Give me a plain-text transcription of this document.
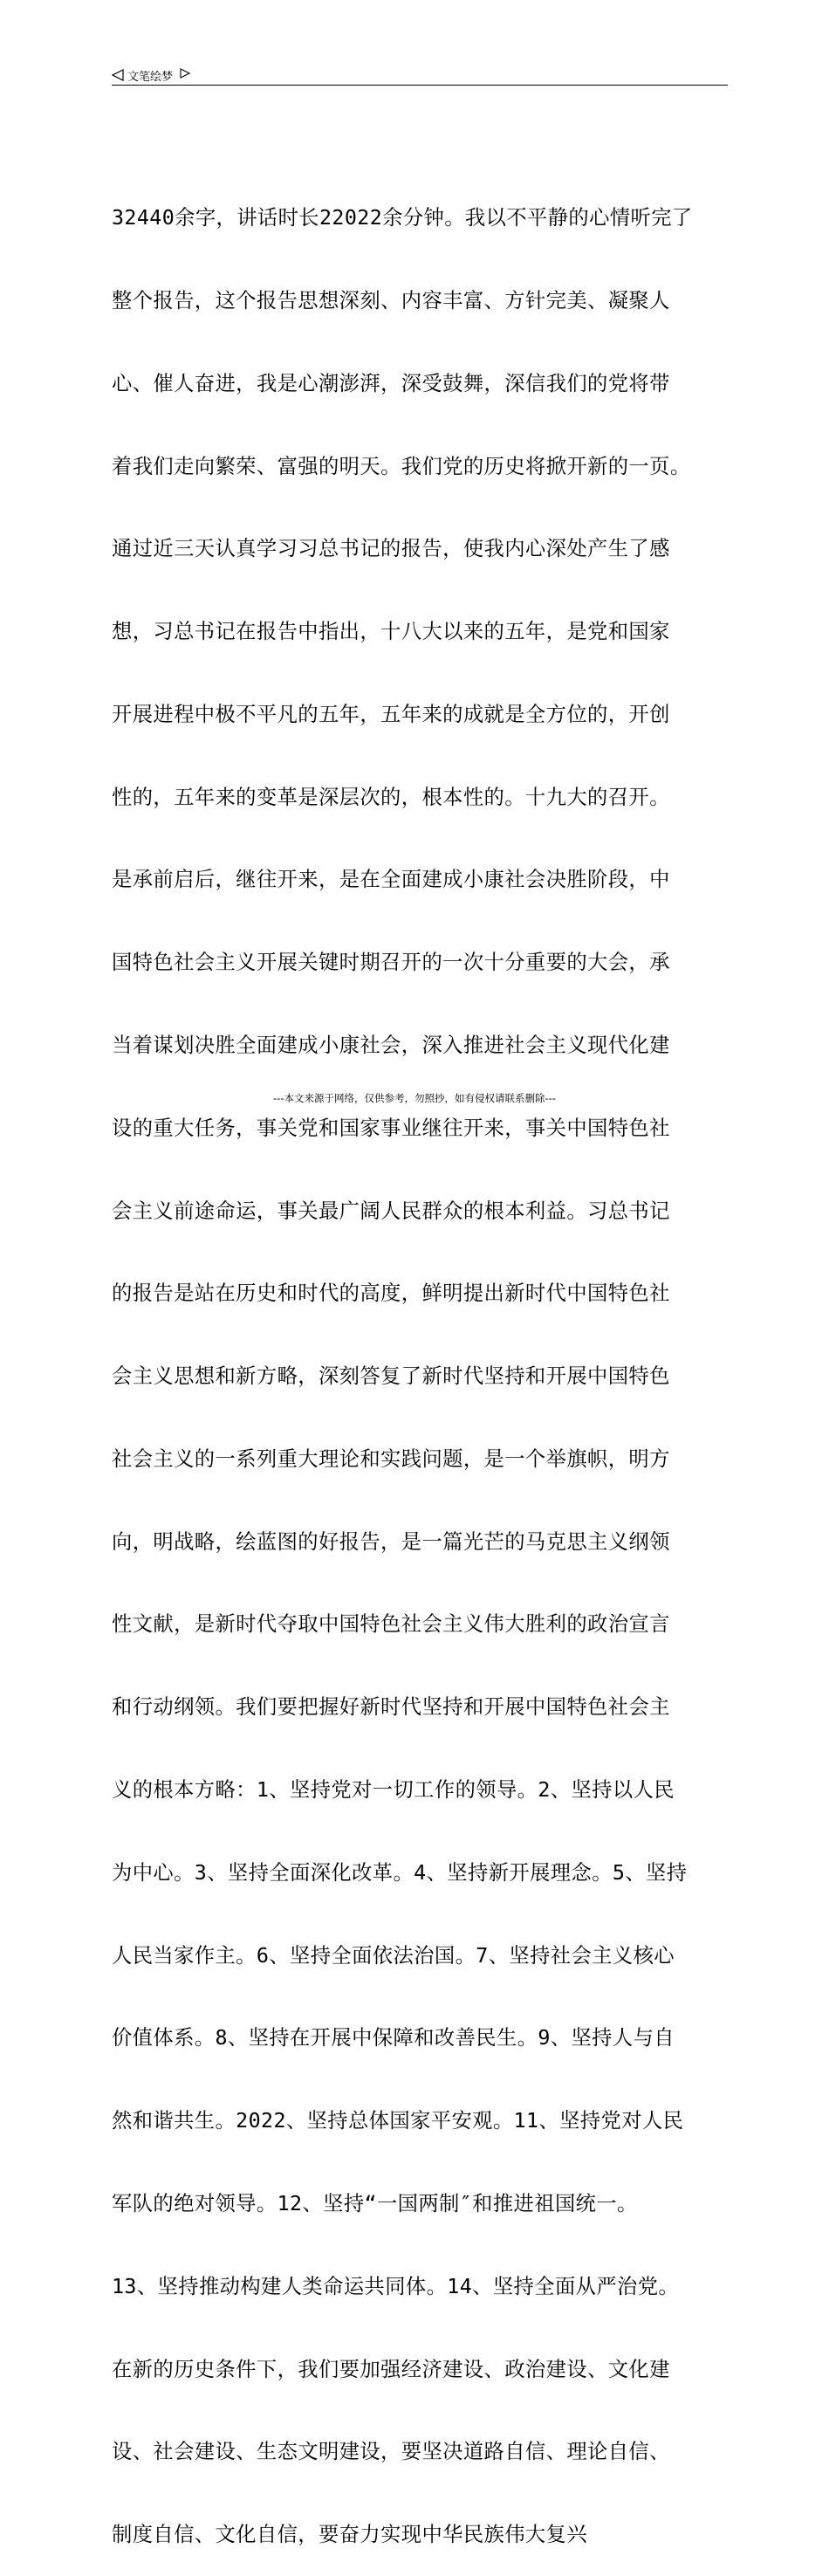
文笔绘梦

32440余字，讲话时长22022余分钟。我以不平静的心情听完了

整个报告，这个报告思想深刻、内容丰富、方针完美、凝聚人

心、催人奋进，我是心潮澎湃，深受鼓舞，深信我们的党将带

着我们走向繁荣、富强的明天。我们党的历史将掀开新的一页。

通过近三天认真学习习总书记的报告，使我内心深处产生了感

想，习总书记在报告中指出，十八大以来的五年，是党和国家

开展进程中极不平凡的五年，五年来的成就是全方位的，开创

性的，五年来的变革是深层次的，根本性的。十九大的召开。

是承前启后，继往开来，是在全面建成小康社会决胜阶段，中

国特色社会主义开展关键时期召开的一次十分重要的大会，承

当着谋划决胜全面建成小康社会，深入推进社会主义现代化建

设的重大任务，事关党和国家事业继往开来，事关中国特色社

会主义前途命运，事关最广阔人民群众的根本利益。习总书记

的报告是站在历史和时代的高度，鲜明提出新时代中国特色社

会主义思想和新方略，深刻答复了新时代坚持和开展中国特色

社会主义的一系列重大理论和实践问题，是一个举旗帜，明方

向，明战略，绘蓝图的好报告，是一篇光芒的马克思主义纲领

性文献，是新时代夺取中国特色社会主义伟大胜利的政治宣言

和行动纲领。我们要把握好新时代坚持和开展中国特色社会主

义的根本方略：1、坚持党对一切工作的领导。2、坚持以人民

为中心。3、坚持全面深化改革。4、坚持新开展理念。5、坚持

人民当家作主。6、坚持全面依法治国。7、坚持社会主义核心

价值体系。8、坚持在开展中保障和改善民生。9、坚持人与自

然和谐共生。2022、坚持总体国家平安观。11、坚持党对人民

军队的绝对领导。12、坚持“一国两制″和推进祖国统一。

13、坚持推动构建人类命运共同体。14、坚持全面从严治党。

在新的历史条件下，我们要加强经济建设、政治建设、文化建

设、社会建设、生态文明建设，要坚决道路自信、理论自信、

制度自信、文化自信，要奋力实现中华民族伟大复兴

---本文来源于网络，仅供参考，勿照抄，如有侵权请联系删除---
